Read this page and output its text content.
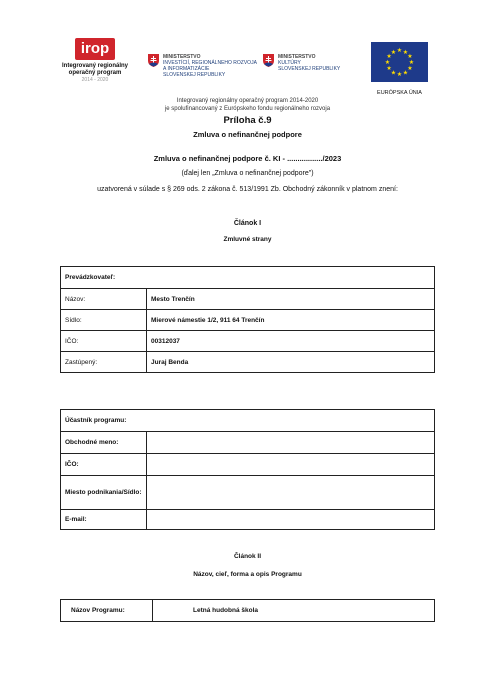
irop
Integrovaný regionálny operačný program
2014 - 2020
MINISTERSTVO
INVESTÍCIÍ, REGIONÁLNEHO ROZVOJA
A INFORMATIZÁCIE
SLOVENSKEJ REPUBLIKY
MINISTERSTVO
KULTÚRY
SLOVENSKEJ REPUBLIKY
★ ★
★
★
★
★
★
★
★
★
★
★
EURÓPSKA ÚNIA
Integrovaný regionálny operačný program 2014-2020
je spolufinancovaný z Európskeho fondu regionálneho rozvoja
Príloha č.9
Zmluva o nefinančnej podpore
Zmluva o nefinančnej podpore č. KI - ................./2023
(ďalej len „Zmluva o nefinančnej podpore")
uzatvorená v súlade s § 269 ods. 2 zákona č. 513/1991 Zb. Obchodný zákonník v platnom znení:
Článok I
Zmluvné strany
Prevádzkovateľ:	
Názov:	Mesto Trenčín
Sídlo:	Mierové námestie 1/2, 911 64 Trenčín
IČO:	00312037
Zastúpený:	Juraj Benda
Účastník programu:	
Obchodné meno:	
IČO:	
Miesto podnikania/Sídlo:	
E-mail:	
Článok II
Názov, cieľ, forma a opis Programu
Názov Programu:	Letná hudobná škola
